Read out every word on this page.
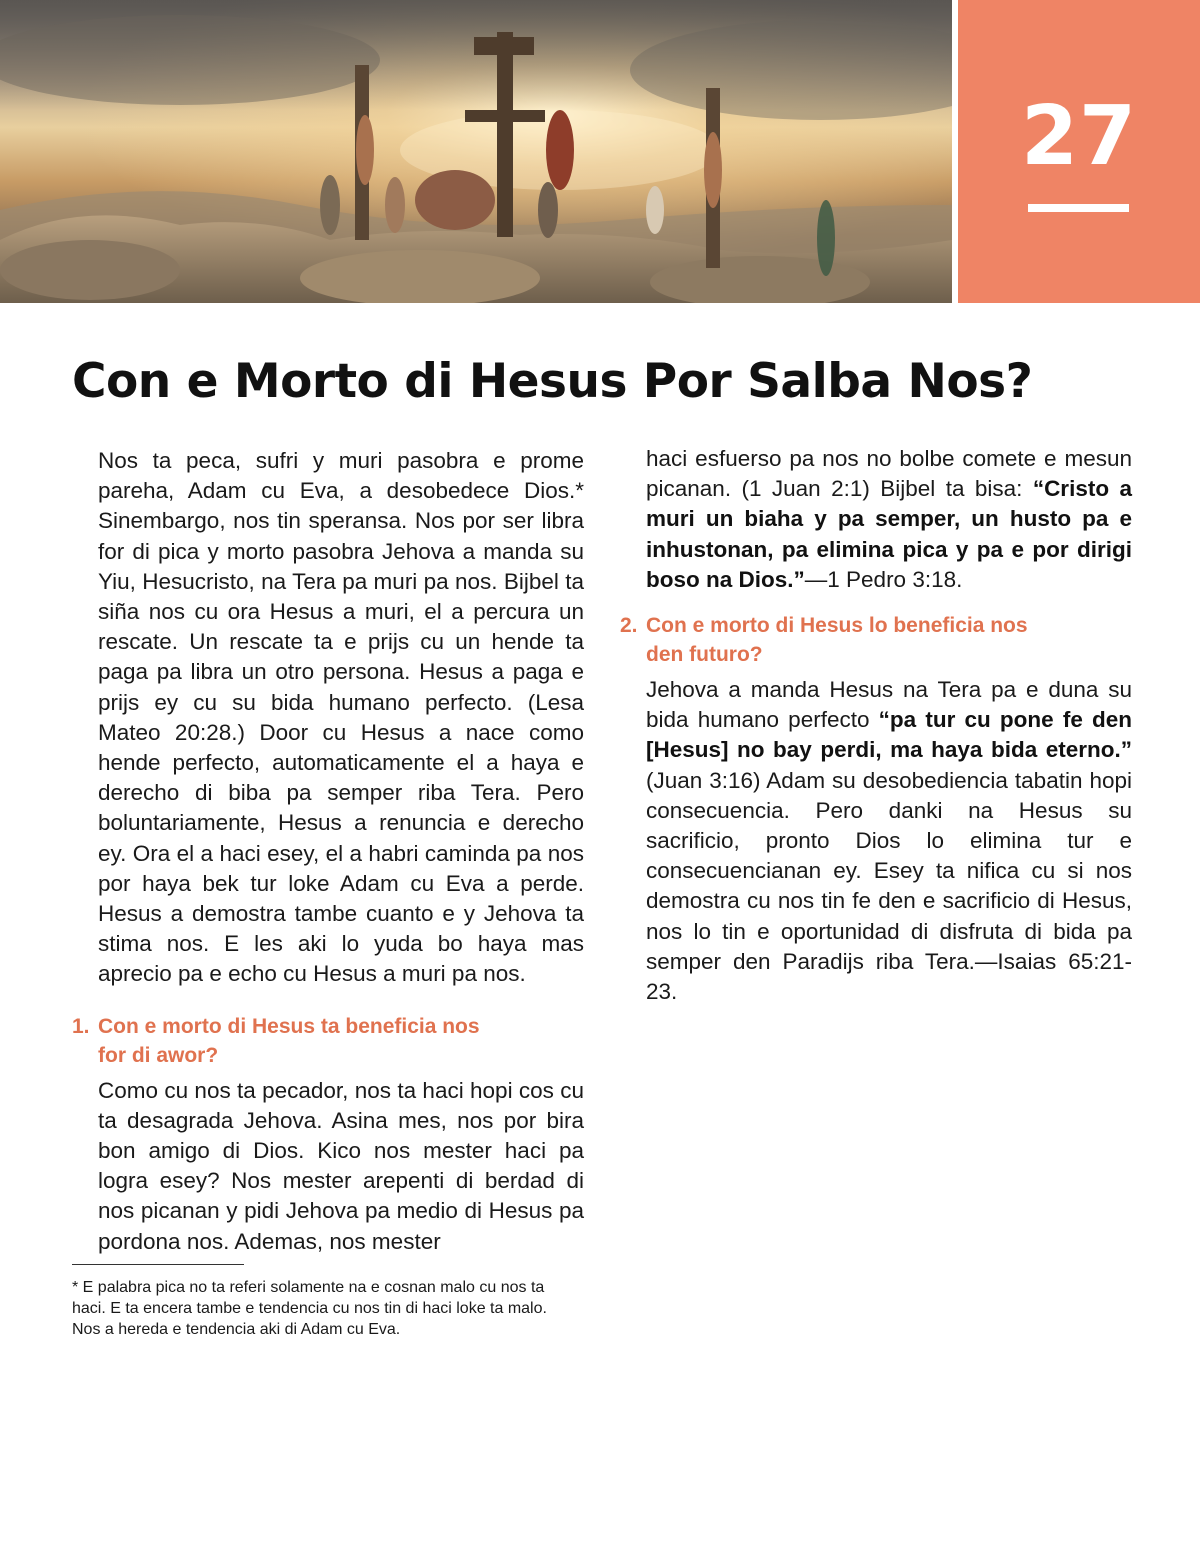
27
Con e Morto di Hesus Por Salba Nos?

Nos ta peca, sufri y muri pasobra e prome pareha, Adam cu Eva, a desobedece Dios.* Sinembargo, nos tin speransa. Nos por ser libra for di pica y morto pasobra Jehova a manda su Yiu, Hesucristo, na Tera pa muri pa nos. Bijbel ta siña nos cu ora Hesus a muri, el a percura un rescate. Un rescate ta e prijs cu un hende ta paga pa libra un otro persona. Hesus a paga e prijs ey cu su bida humano perfecto. (Lesa Mateo 20:28.) Door cu Hesus a nace como hende perfecto, automaticamente el a haya e derecho di biba pa semper riba Tera. Pero boluntariamente, Hesus a renuncia e derecho ey. Ora el a haci esey, el a habri caminda pa nos por haya bek tur loke Adam cu Eva a perde. Hesus a demostra tambe cuanto e y Jehova ta stima nos. E les aki lo yuda bo haya mas aprecio pa e echo cu Hesus a muri pa nos.

1. Con e morto di Hesus ta beneficia nos for di awor?

Como cu nos ta pecador, nos ta haci hopi cos cu ta desagrada Jehova. Asina mes, nos por bira bon amigo di Dios. Kico nos mester haci pa logra esey? Nos mester arepenti di berdad di nos picanan y pidi Jehova pa medio di Hesus pa pordona nos. Ademas, nos mester

* E palabra pica no ta referi solamente na e cosnan malo cu nos ta haci. E ta encera tambe e tendencia cu nos tin di haci loke ta malo. Nos a hereda e tendencia aki di Adam cu Eva.

haci esfuerso pa nos no bolbe comete e mesun picanan. (1 Juan 2:1) Bijbel ta bisa: “Cristo a muri un biaha y pa semper, un husto pa e inhustonan, pa elimina pica y pa e por dirigi boso na Dios.”—1 Pedro 3:18.

2. Con e morto di Hesus lo beneficia nos den futuro?

Jehova a manda Hesus na Tera pa e duna su bida humano perfecto “pa tur cu pone fe den [Hesus] no bay perdi, ma haya bida eterno.” (Juan 3:16) Adam su desobediencia tabatin hopi consecuencia. Pero danki na Hesus su sacrificio, pronto Dios lo elimina tur e consecuencianan ey. Esey ta nifica cu si nos demostra cu nos tin fe den e sacrificio di Hesus, nos lo tin e oportunidad di disfruta di bida pa semper den Paradijs riba Tera.—Isaias 65:21-23.
